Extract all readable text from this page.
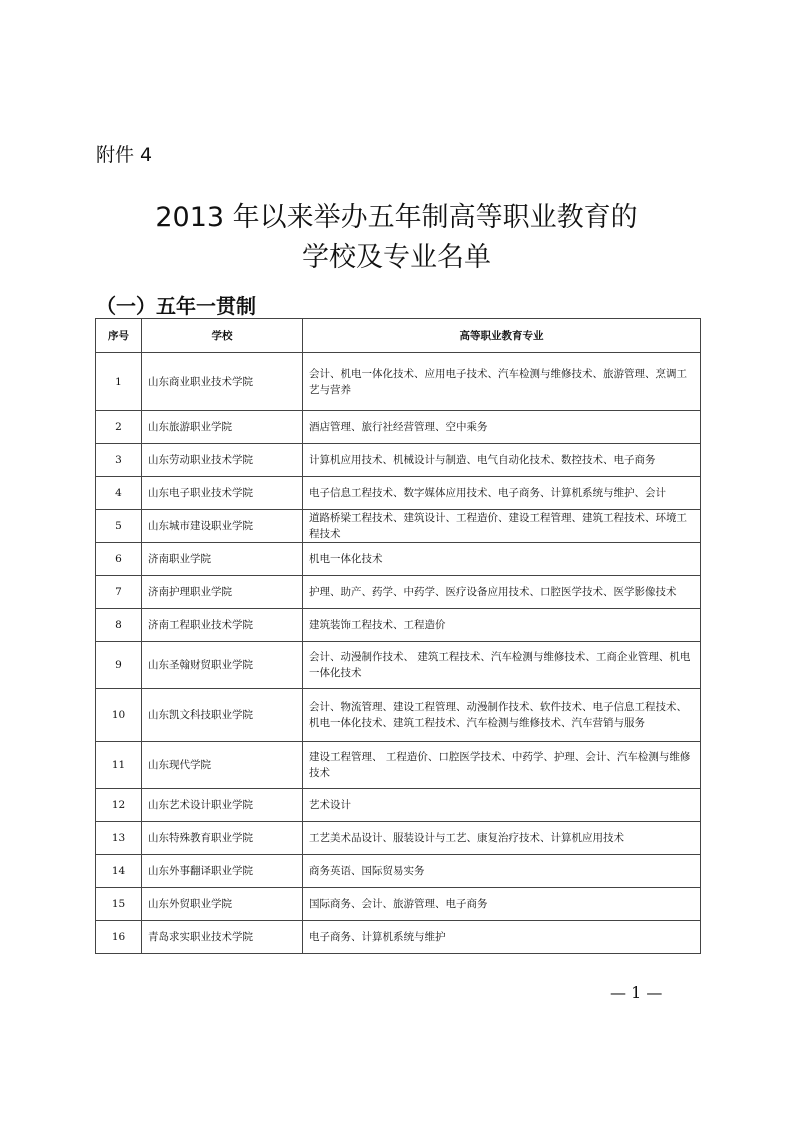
附件 4
2013 年以来举办五年制高等职业教育的
学校及专业名单
（一）五年一贯制
序号	学校	高等职业教育专业
1	山东商业职业技术学院	会计、机电一体化技术、应用电子技术、汽车检测与维修技术、旅游管理、烹调工艺与营养
2	山东旅游职业学院	酒店管理、旅行社经营管理、空中乘务
3	山东劳动职业技术学院	计算机应用技术、机械设计与制造、电气自动化技术、数控技术、电子商务
4	山东电子职业技术学院	电子信息工程技术、数字媒体应用技术、电子商务、计算机系统与维护、会计
5	山东城市建设职业学院	道路桥梁工程技术、建筑设计、工程造价、建设工程管理、建筑工程技术、环境工程技术
6	济南职业学院	机电一体化技术
7	济南护理职业学院	护理、助产、药学、中药学、医疗设备应用技术、口腔医学技术、医学影像技术
8	济南工程职业技术学院	建筑装饰工程技术、工程造价
9	山东圣翰财贸职业学院	会计、动漫制作技术、 建筑工程技术、汽车检测与维修技术、工商企业管理、机电一体化技术
10	山东凯文科技职业学院	会计、物流管理、建设工程管理、动漫制作技术、软件技术、电子信息工程技术、机电一体化技术、建筑工程技术、汽车检测与维修技术、汽车营销与服务
11	山东现代学院	建设工程管理、 工程造价、口腔医学技术、中药学、护理、会计、汽车检测与维修技术
12	山东艺术设计职业学院	艺术设计
13	山东特殊教育职业学院	工艺美术品设计、服装设计与工艺、康复治疗技术、计算机应用技术
14	山东外事翻译职业学院	商务英语、国际贸易实务
15	山东外贸职业学院	国际商务、会计、旅游管理、电子商务
16	青岛求实职业技术学院	电子商务、计算机系统与维护
— 1 —
